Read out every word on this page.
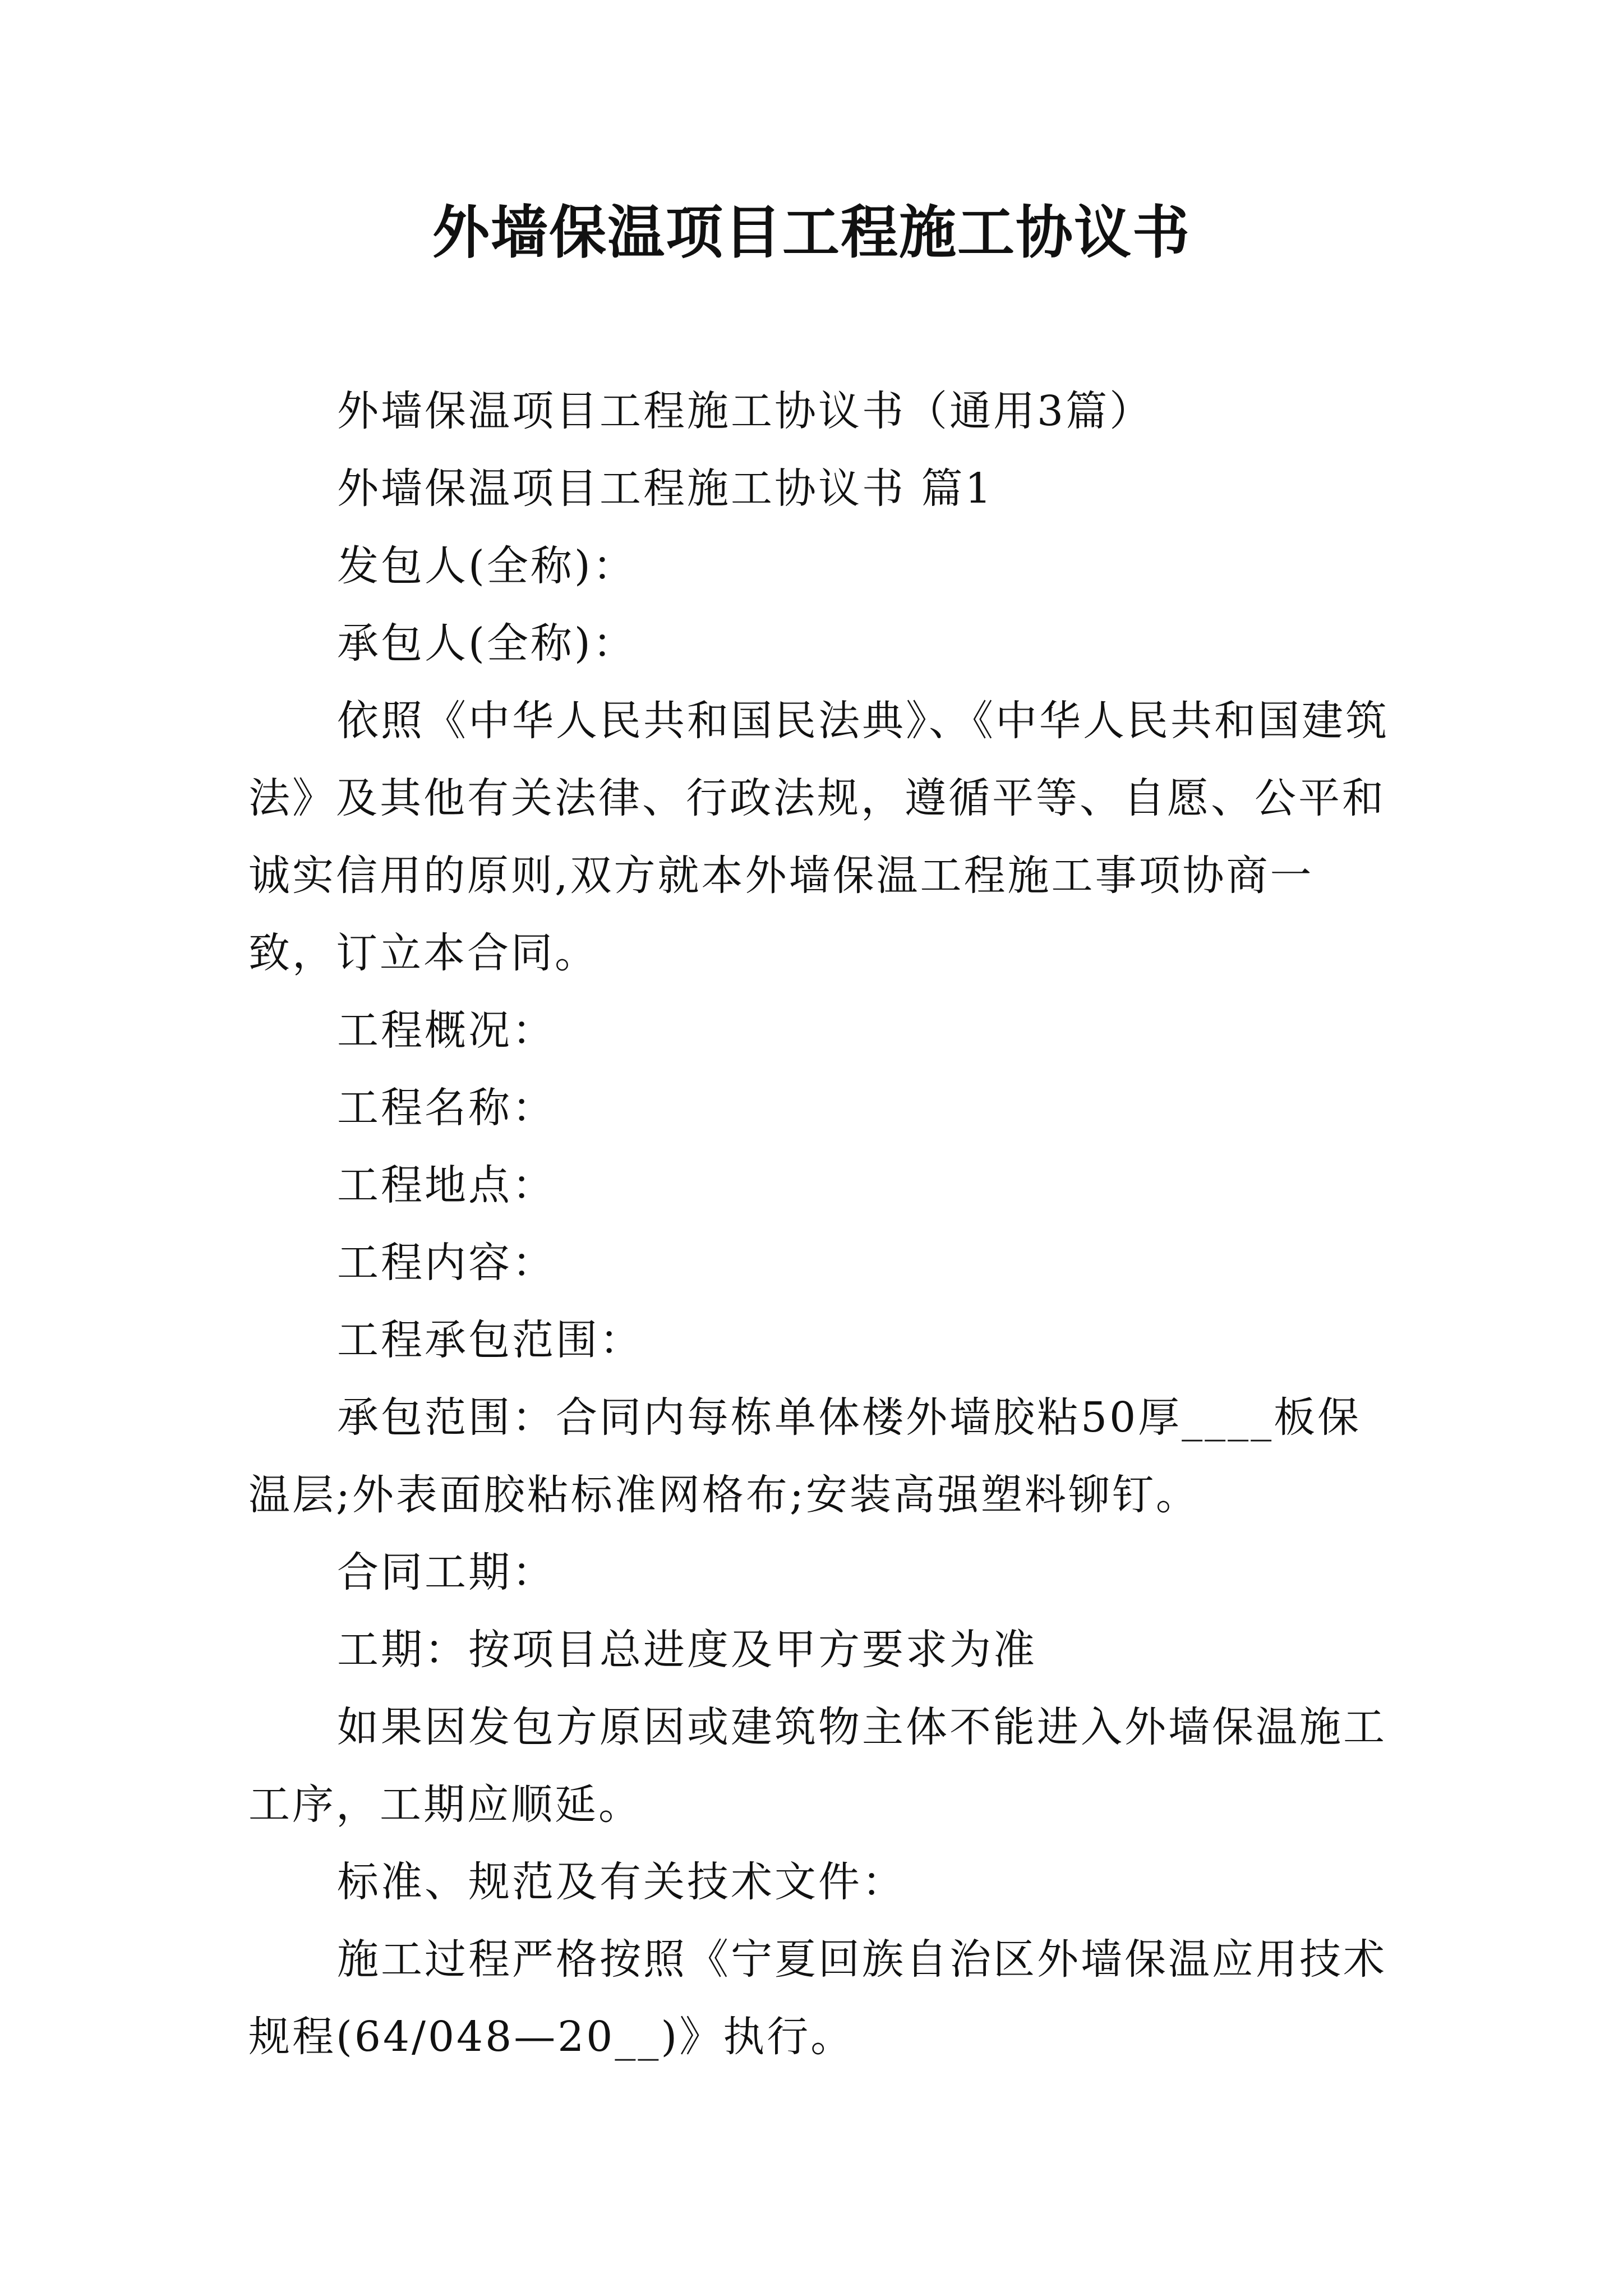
外墙保温项目工程施工协议书

外墙保温项目工程施工协议书（通用3篇）

外墙保温项目工程施工协议书 篇1

发包人(全称)：

承包人(全称)：

依照《中华人民共和国民法典》、《中华人民共和国建筑法》及其他有关法律、行政法规，遵循平等、自愿、公平和诚实信用的原则,双方就本外墙保温工程施工事项协商一致，订立本合同。

工程概况：

工程名称：

工程地点：

工程内容：

工程承包范围：

承包范围：合同内每栋单体楼外墙胶粘50厚____板保温层;外表面胶粘标准网格布;安装高强塑料铆钉。

合同工期：

工期：按项目总进度及甲方要求为准

如果因发包方原因或建筑物主体不能进入外墙保温施工工序，工期应顺延。

标准、规范及有关技术文件：

施工过程严格按照《宁夏回族自治区外墙保温应用技术规程(64/048—20__)》执行。
